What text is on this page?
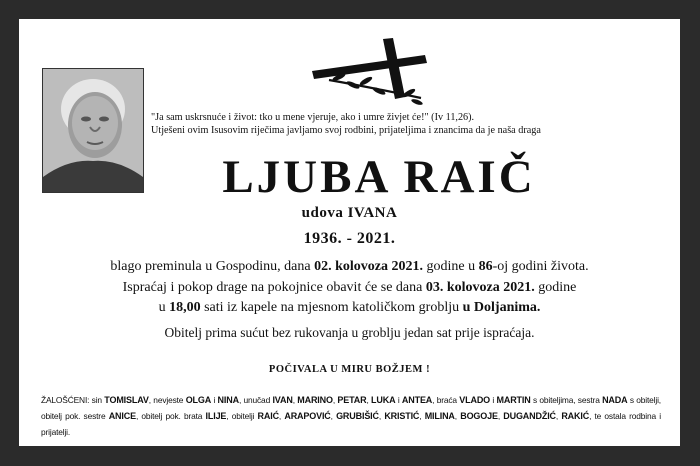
"Ja sam uskrsnuće i život: tko u mene vjeruje, ako i umre živjet će!" (Iv 11,26).
Utješeni ovim Isusovim riječima javljamo svoj rodbini, prijateljima i znancima da je naša draga
LJUBA RAIČ
udova IVANA
1936. - 2021.
blago preminula u Gospodinu, dana 02. kolovoza 2021. godine u 86-oj godini života.
Ispraćaj i pokop drage na pokojnice obavit će se dana 03. kolovoza 2021. godine
u 18,00 sati iz kapele na mjesnom katoličkom groblju u Doljanima.
Obitelj prima sućut bez rukovanja u groblju jedan sat prije ispraćaja.
POČIVALA U MIRU BOŽJEM !
ŽALOŠĆENI: sin TOMISLAV, nevjeste OLGA i NINA, unučad IVAN, MARINO, PETAR, LUKA i ANTEA, braća VLADO i MARTIN s obiteljima, sestra NADA s obitelji, obitelj pok. sestre ANICE, obitelj pok. brata ILIJE, obitelji RAIĆ, ARAPOVIĆ, GRUBIŠIĆ, KRISTIĆ, MILINA, BOGOJE, DUGANDŽIĆ, RAKIĆ, te ostala rodbina i prijatelji.
